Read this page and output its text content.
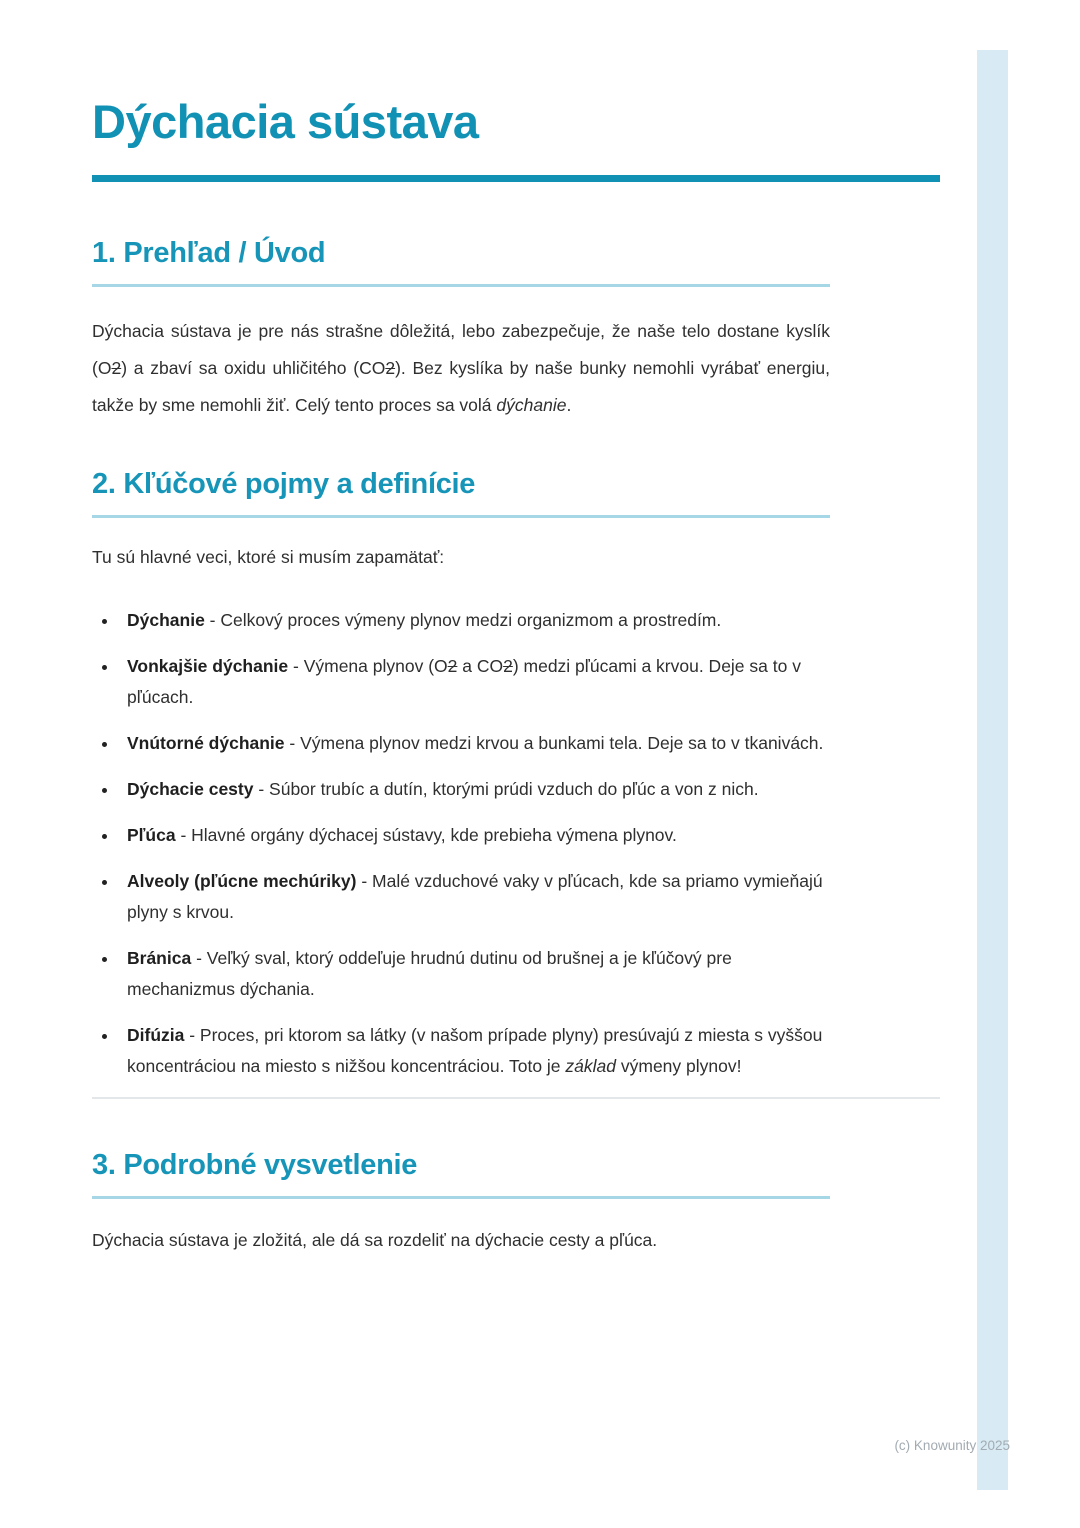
Dýchacia sústava
1. Prehľad / Úvod

Dýchacia sústava je pre nás strašne dôležitá, lebo zabezpečuje, že naše telo dostane kyslík (O2) a zbaví sa oxidu uhličitého (CO2). Bez kyslíka by naše bunky nemohli vyrábať energiu, takže by sme nemohli žiť. Celý tento proces sa volá dýchanie.

2. Kľúčové pojmy a definície

Tu sú hlavné veci, ktoré si musím zapamätať:

• Dýchanie - Celkový proces výmeny plynov medzi organizmom a prostredím.
• Vonkajšie dýchanie - Výmena plynov (O2 a CO2) medzi pľúcami a krvou. Deje sa to v pľúcach.
• Vnútorné dýchanie - Výmena plynov medzi krvou a bunkami tela. Deje sa to v tkanivách.
• Dýchacie cesty - Súbor trubíc a dutín, ktorými prúdi vzduch do pľúc a von z nich.
• Pľúca - Hlavné orgány dýchacej sústavy, kde prebieha výmena plynov.
• Alveoly (pľúcne mechúriky) - Malé vzduchové vaky v pľúcach, kde sa priamo vymieňajú plyny s krvou.
• Bránica - Veľký sval, ktorý oddeľuje hrudnú dutinu od brušnej a je kľúčový pre mechanizmus dýchania.
• Difúzia - Proces, pri ktorom sa látky (v našom prípade plyny) presúvajú z miesta s vyššou koncentráciou na miesto s nižšou koncentráciou. Toto je základ výmeny plynov!
3. Podrobné vysvetlenie

Dýchacia sústava je zložitá, ale dá sa rozdeliť na dýchacie cesty a pľúca.

(c) Knowunity 2025
